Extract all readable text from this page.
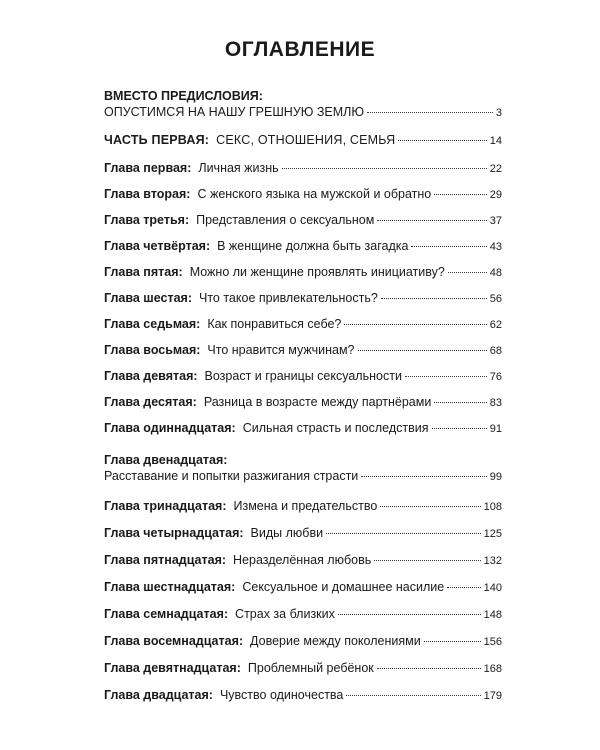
ОГЛАВЛЕНИЕ
ВМЕСТО ПРЕДИСЛОВИЯ:
ОПУСТИМСЯ НА НАШУ ГРЕШНУЮ ЗЕМЛЮ	3
ЧАСТЬ ПЕРВАЯ: СЕКС, ОТНОШЕНИЯ, СЕМЬЯ	14
Глава первая: Личная жизнь	22
Глава вторая: С женского языка на мужской и обратно	29
Глава третья: Представления о сексуальном	37
Глава четвёртая: В женщине должна быть загадка	43
Глава пятая: Можно ли женщине проявлять инициативу?	48
Глава шестая: Что такое привлекательность?	56
Глава седьмая: Как понравиться себе?	62
Глава восьмая: Что нравится мужчинам?	68
Глава девятая: Возраст и границы сексуальности	76
Глава десятая: Разница в возрасте между партнёрами	83
Глава одиннадцатая: Сильная страсть и последствия	91
Глава двенадцатая:
Расставание и попытки разжигания страсти	99
Глава тринадцатая: Измена и предательство	108
Глава четырнадцатая: Виды любви	125
Глава пятнадцатая: Неразделённая любовь	132
Глава шестнадцатая: Сексуальное и домашнее насилие	140
Глава семнадцатая: Страх за близких	148
Глава восемнадцатая: Доверие между поколениями	156
Глава девятнадцатая: Проблемный ребёнок	168
Глава двадцатая: Чувство одиночества	179
